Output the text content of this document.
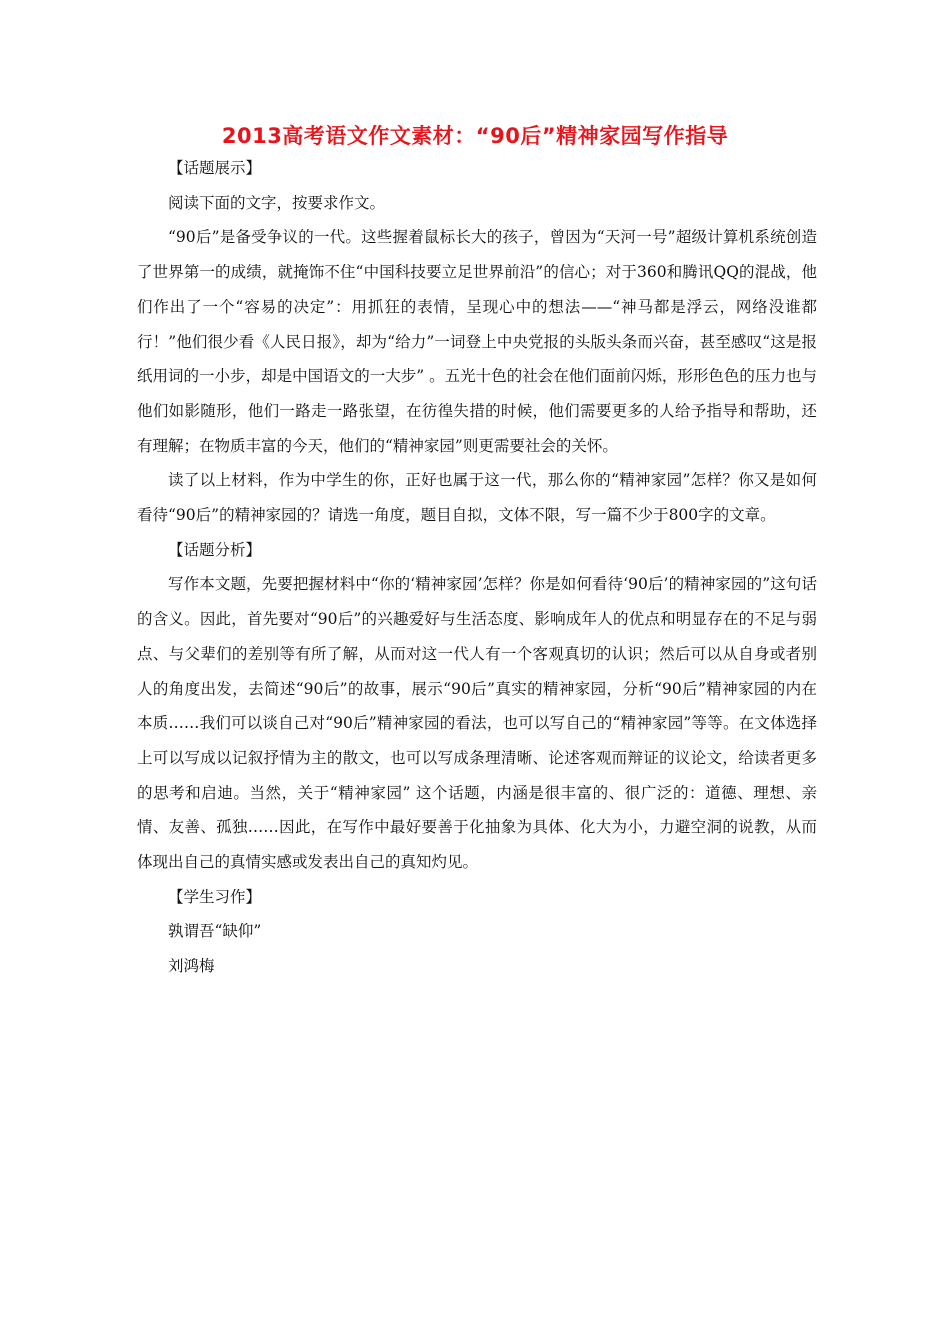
2013高考语文作文素材：“90后”精神家园写作指导

【话题展示】

阅读下面的文字，按要求作文。

“90后”是备受争议的一代。这些握着鼠标长大的孩子，曾因为“天河一号”超级计算机系统创造了世界第一的成绩，就掩饰不住“中国科技要立足世界前沿”的信心；对于360和腾讯QQ的混战，他们作出了一个“容易的决定”：用抓狂的表情，呈现心中的想法——“神马都是浮云，网络没谁都行！”他们很少看《人民日报》，却为“给力”一词登上中央党报的头版头条而兴奋，甚至感叹“这是报纸用词的一小步，却是中国语文的一大步” 。五光十色的社会在他们面前闪烁，形形色色的压力也与他们如影随形，他们一路走一路张望，在彷徨失措的时候，他们需要更多的人给予指导和帮助，还有理解；在物质丰富的今天，他们的“精神家园”则更需要社会的关怀。

读了以上材料，作为中学生的你，正好也属于这一代，那么你的“精神家园”怎样？你又是如何看待“90后”的精神家园的？请选一角度，题目自拟，文体不限，写一篇不少于800字的文章。

【话题分析】

写作本文题，先要把握材料中“你的‘精神家园’怎样？你是如何看待‘90后’的精神家园的”这句话的含义。因此，首先要对“90后”的兴趣爱好与生活态度、影响成年人的优点和明显存在的不足与弱点、与父辈们的差别等有所了解，从而对这一代人有一个客观真切的认识；然后可以从自身或者别人的角度出发，去简述“90后”的故事，展示“90后”真实的精神家园，分析“90后”精神家园的内在本质……我们可以谈自己对“90后”精神家园的看法，也可以写自己的“精神家园”等等。在文体选择上可以写成以记叙抒情为主的散文，也可以写成条理清晰、论述客观而辩证的议论文，给读者更多的思考和启迪。当然，关于“精神家园” 这个话题，内涵是很丰富的、很广泛的：道德、理想、亲情、友善、孤独……因此，在写作中最好要善于化抽象为具体、化大为小，力避空洞的说教，从而体现出自己的真情实感或发表出自己的真知灼见。

【学生习作】

孰谓吾“缺仰”

刘鸿梅
